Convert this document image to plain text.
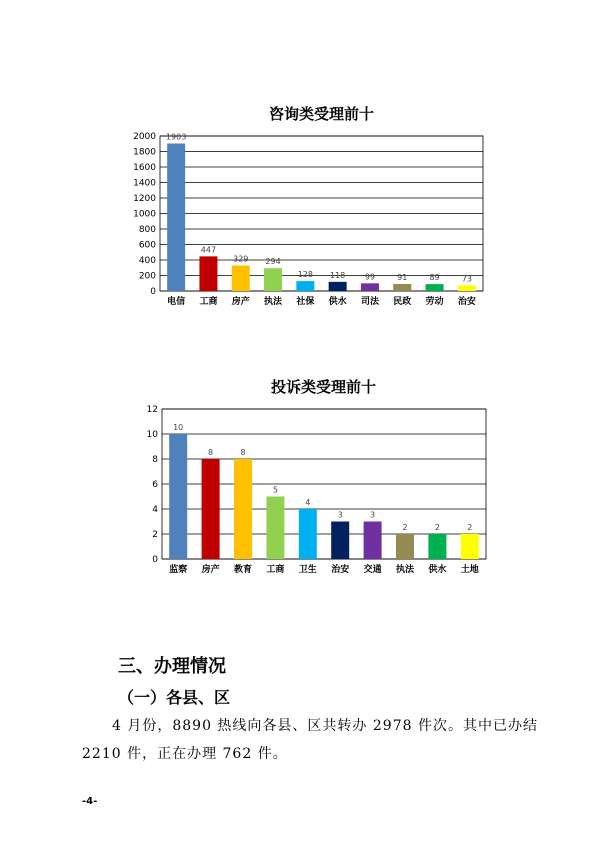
咨询类受理前十
0
200
400
600
800
1000
1200
1400
1600
1800
2000 1903
电信
447
工商
329
房产
294
执法
128
社保
118
供水
99
司法
91
民政
89
劳动
73
治安
投诉类受理前十
0
2
4
6
8
10
12
10
监察
8
房产
8
教育
5
工商
4
卫生
3
治安
3
交通
2
执法
2
供水
2
土地
三、办理情况
（一）各县、区

4 月份，8890 热线向各县、区共转办 2978 件次。其中已办结 2210 件，正在办理 762 件。

-4-
